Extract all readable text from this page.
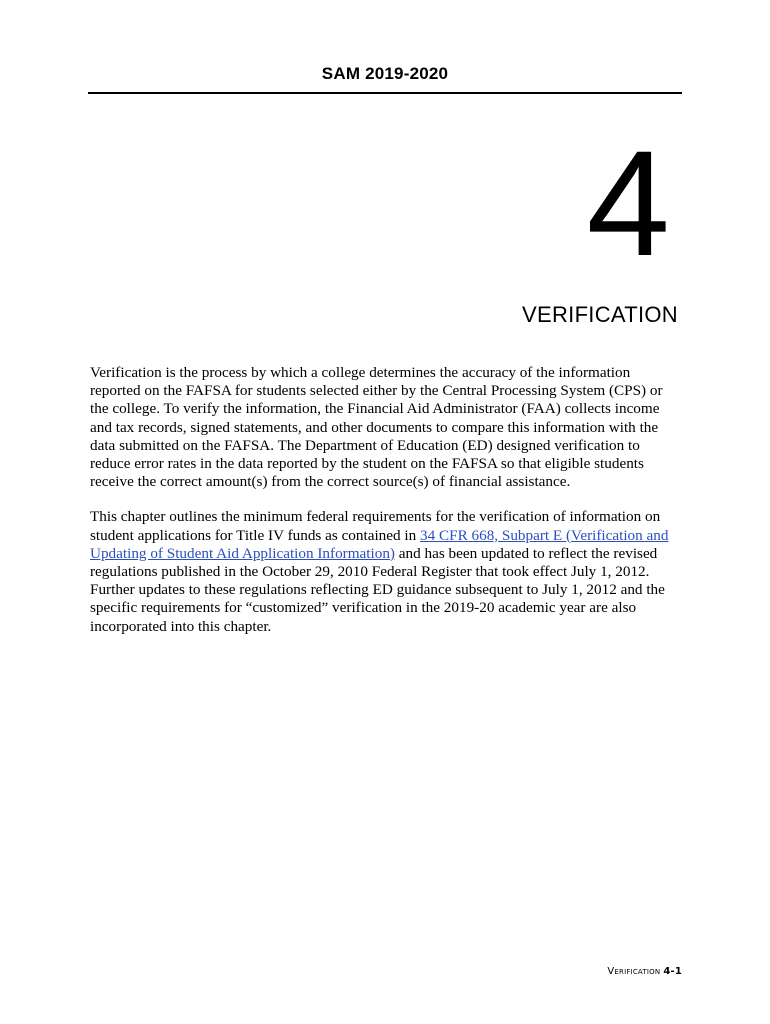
SAM 2019-2020
4
VERIFICATION

Verification is the process by which a college determines the accuracy of the information reported on the FAFSA for students selected either by the Central Processing System (CPS) or the college. To verify the information, the Financial Aid Administrator (FAA) collects income and tax records, signed statements, and other documents to compare this information with the data submitted on the FAFSA. The Department of Education (ED) designed verification to reduce error rates in the data reported by the student on the FAFSA so that eligible students receive the correct amount(s) from the correct source(s) of financial assistance.

This chapter outlines the minimum federal requirements for the verification of information on student applications for Title IV funds as contained in 34 CFR 668, Subpart E (Verification and Updating of Student Aid Application Information) and has been updated to reflect the revised regulations published in the October 29, 2010 Federal Register that took effect July 1, 2012. Further updates to these regulations reflecting ED guidance subsequent to July 1, 2012 and the specific requirements for “customized” verification in the 2019-20 academic year are also incorporated into this chapter.

Verification 4-1
